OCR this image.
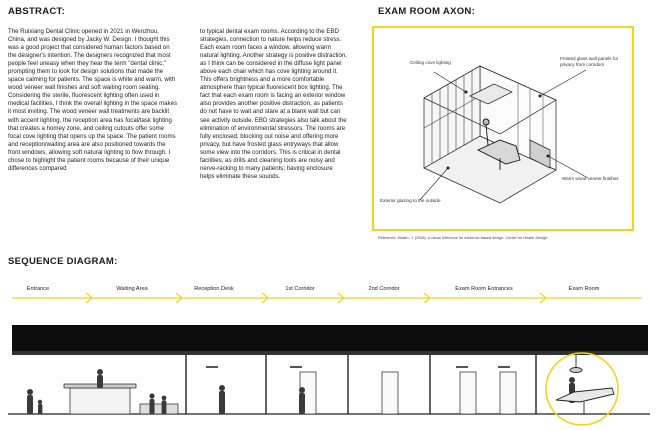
ABSTRACT:
The Ruixiang Dental Clinic opened in 2021 in Wenzhou, China, and was designed by Jacky W. Design. I thought this was a good project that considered human factors based on the designer's intention. The designers recognized that most people feel uneasy when they hear the term "dental clinic," prompting them to look for design solutions that made the space calming for patients. The space is white and warm, with wood veneer wall finishes and soft waiting room seating. Considering the sterile, fluorescent lighting often used in medical facilities, I think the overall lighting in the space makes it most inviting. The wood veneer wall treatments are backlit with accent lighting, the reception area has focal/task lighting that creates a homey zone, and ceiling cutouts offer some focal cove lighting that opens up the space. The patient rooms and reception/waiting area are also positioned towards the front windows, allowing soft natural lighting to flow through. I chose to highlight the patient rooms because of their unique differences compared
to typical dental exam rooms. According to the EBD strategies, connection to nature helps reduce stress. Each exam room faces a window, allowing warm natural lighting. Another strategy is positive distraction, as I think can be considered in the diffuse light panel above each chair which has cove lighting around it. This offers brightness and a more comfortable atmosphere than typical fluorescent box lighting. The fact that each exam room is facing an exterior window also provides another positive distraction, as patients do not have to wait and stare at a blank wall but can see activity outside. EBD strategies also talk about the elimination of environmental stressors. The rooms are fully enclosed, blocking out noise and offering more privacy, but have frosted glass entryways that allow some view into the corridors. This is critical in dental facilities, as drills and cleaning tools are noisy and nerve-racking to many patients; having enclosure helps eliminate these sounds.
EXAM ROOM AXON:
Ceiling cove lighting
Frosted glass wall panels for privacy from corridors
Warm wood veneer finishes
Exterior glazing to the outside
Reference: Malkin, J. (2008). A visual reference for evidence-based design. Center for Health Design.
SEQUENCE DIAGRAM:
Entrance	Waiting Area	Reception Desk	1st Corridor	2nd Corridor	Exam Room Entrances	Exam Room
